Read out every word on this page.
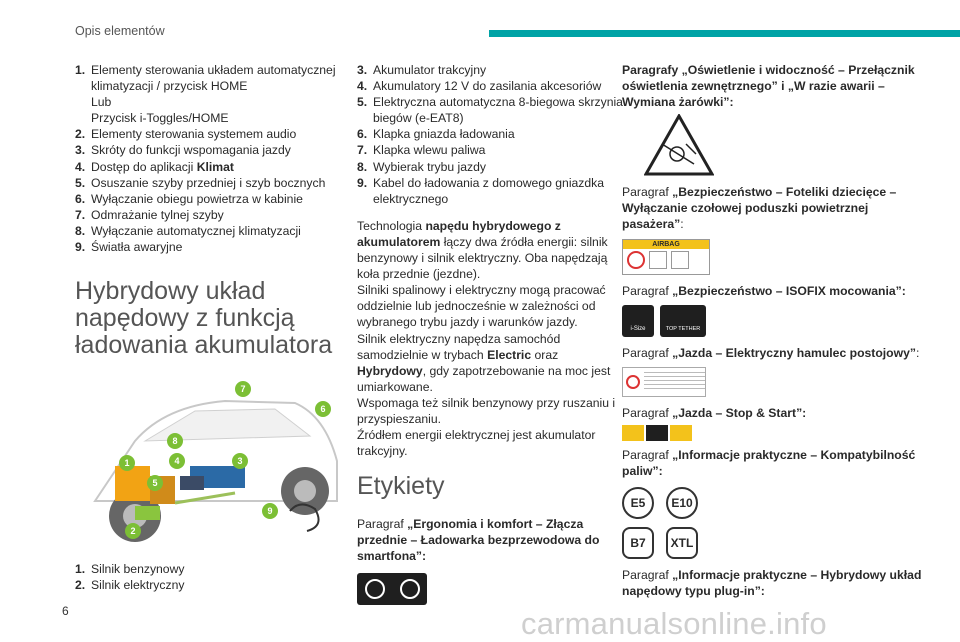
Opis elementów
1. Elementy sterowania układem automatycznej klimatyzacji / przycisk HOME
Lub
Przycisk i-Toggles/HOME
2. Elementy sterowania systemem audio
3. Skróty do funkcji wspomagania jazdy
4. Dostęp do aplikacji Klimat
5. Osuszanie szyby przedniej i szyb bocznych
6. Wyłączanie obiegu powietrza w kabinie
7. Odmrażanie tylnej szyby
8. Wyłączanie automatycznej klimatyzacji
9. Światła awaryjne
Hybrydowy układ napędowy z funkcją ładowania akumulatora
1
2
3
4
5
6
7
8
9
1. Silnik benzynowy
2. Silnik elektryczny
3. Akumulator trakcyjny
4. Akumulatory 12 V do zasilania akcesoriów
5. Elektryczna automatyczna 8-biegowa skrzynia biegów (e-EAT8)
6. Klapka gniazda ładowania
7. Klapka wlewu paliwa
8. Wybierak trybu jazdy
9. Kabel do ładowania z domowego gniazdka elektrycznego

Technologia napędu hybrydowego z akumulatorem łączy dwa źródła energii: silnik benzynowy i silnik elektryczny. Oba napędzają koła przednie (jezdne).

Silniki spalinowy i elektryczny mogą pracować oddzielnie lub jednocześnie w zależności od wybranego trybu jazdy i warunków jazdy.

Silnik elektryczny napędza samochód samodzielnie w trybach Electric oraz Hybrydowy, gdy zapotrzebowanie na moc jest umiarkowane.

Wspomaga też silnik benzynowy przy ruszaniu i przyspieszaniu.

Źródłem energii elektrycznej jest akumulator trakcyjny.

Etykiety

Paragraf „Ergonomia i komfort – Złącza przednie – Ładowarka bezprzewodowa do smartfona”:

Paragrafy „Oświetlenie i widoczność – Przełącznik oświetlenia zewnętrznego” i „W razie awarii – Wymiana żarówki”:

Paragraf „Bezpieczeństwo – Foteliki dziecięce – Wyłączanie czołowej poduszki powietrznej pasażera”:

AIRBAG

Paragraf „Bezpieczeństwo – ISOFIX mocowania”:

i-Size	TOP TETHER

Paragraf „Jazda – Elektryczny hamulec postojowy”:

Paragraf „Jazda – Stop & Start”:

Paragraf „Informacje praktyczne – Kompatybilność paliw”:

E5	E10
B7	XTL

Paragraf „Informacje praktyczne – Hybrydowy układ napędowy typu plug-in”:

6	carmanualsonline.info
